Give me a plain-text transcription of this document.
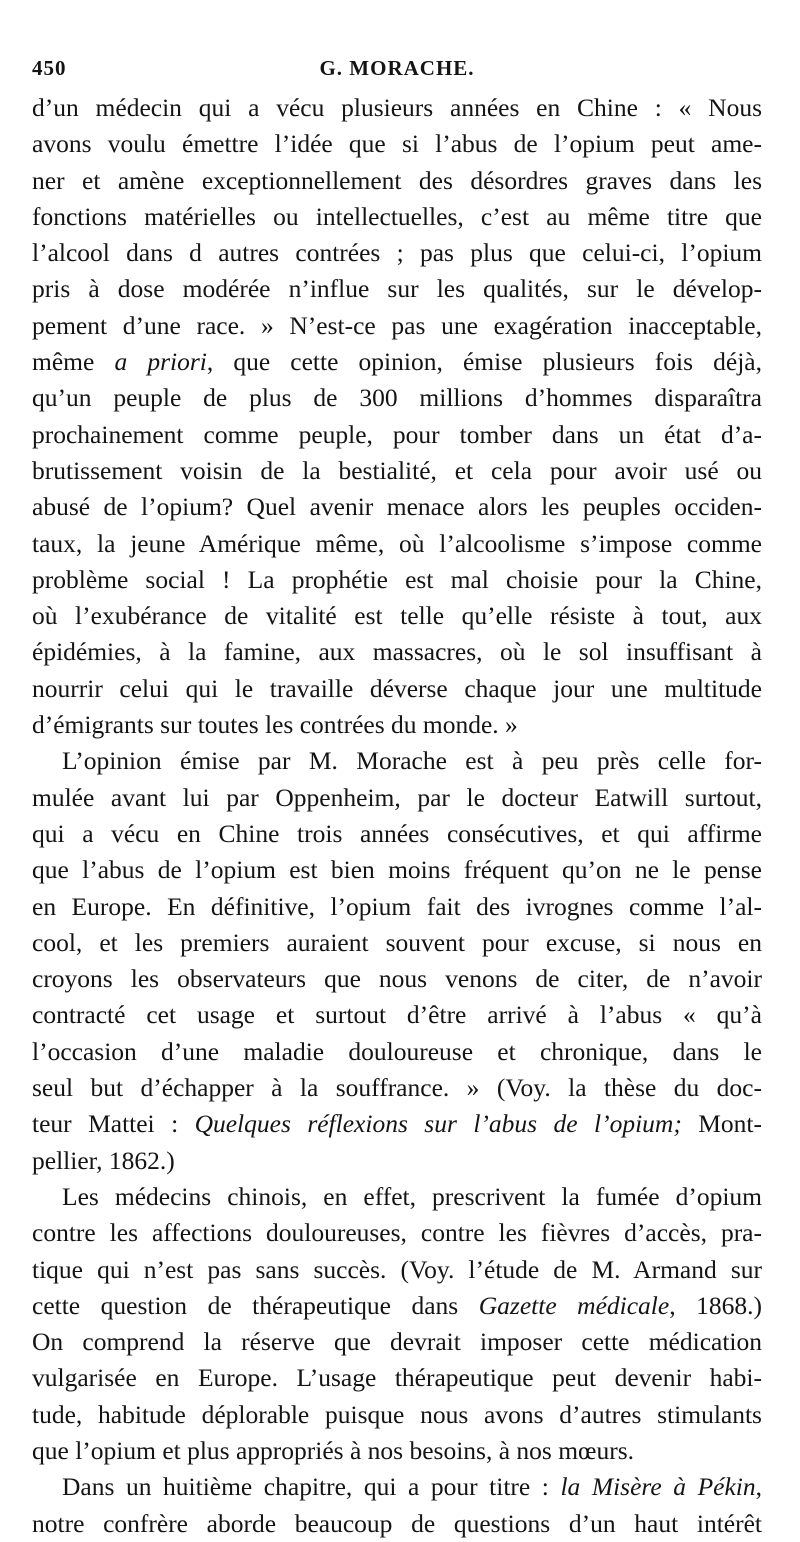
450	G. MORACHE.
d’un médecin qui a vécu plusieurs années en Chine : « Nous
avons voulu émettre l’idée que si l’abus de l’opium peut ame-
ner et amène exceptionnellement des désordres graves dans les
fonctions matérielles ou intellectuelles, c’est au même titre que
l’alcool dans d autres contrées ; pas plus que celui-ci, l’opium
pris à dose modérée n’influe sur les qualités, sur le dévelop-
pement d’une race. » N’est-ce pas une exagération inacceptable,
même a priori, que cette opinion, émise plusieurs fois déjà,
qu’un peuple de plus de 300 millions d’hommes disparaîtra
prochainement comme peuple, pour tomber dans un état d’a-
brutissement voisin de la bestialité, et cela pour avoir usé ou
abusé de l’opium? Quel avenir menace alors les peuples occiden-
taux, la jeune Amérique même, où l’alcoolisme s’impose comme
problème social ! La prophétie est mal choisie pour la Chine,
où l’exubérance de vitalité est telle qu’elle résiste à tout, aux
épidémies, à la famine, aux massacres, où le sol insuffisant à
nourrir celui qui le travaille déverse chaque jour une multitude
d’émigrants sur toutes les contrées du monde. »
L’opinion émise par M. Morache est à peu près celle for-
mulée avant lui par Oppenheim, par le docteur Eatwill surtout,
qui a vécu en Chine trois années consécutives, et qui affirme
que l’abus de l’opium est bien moins fréquent qu’on ne le pense
en Europe. En définitive, l’opium fait des ivrognes comme l’al-
cool, et les premiers auraient souvent pour excuse, si nous en
croyons les observateurs que nous venons de citer, de n’avoir
contracté cet usage et surtout d’être arrivé à l’abus « qu’à
l’occasion d’une maladie douloureuse et chronique, dans le
seul but d’échapper à la souffrance. » (Voy. la thèse du doc-
teur Mattei : Quelques réflexions sur l’abus de l’opium; Mont-
pellier, 1862.)
Les médecins chinois, en effet, prescrivent la fumée d’opium
contre les affections douloureuses, contre les fièvres d’accès, pra-
tique qui n’est pas sans succès. (Voy. l’étude de M. Armand sur
cette question de thérapeutique dans Gazette médicale, 1868.)
On comprend la réserve que devrait imposer cette médication
vulgarisée en Europe. L’usage thérapeutique peut devenir habi-
tude, habitude déplorable puisque nous avons d’autres stimulants
que l’opium et plus appropriés à nos besoins, à nos mœurs.
Dans un huitième chapitre, qui a pour titre : la Misère à Pékin,
notre confrère aborde beaucoup de questions d’un haut intérêt
